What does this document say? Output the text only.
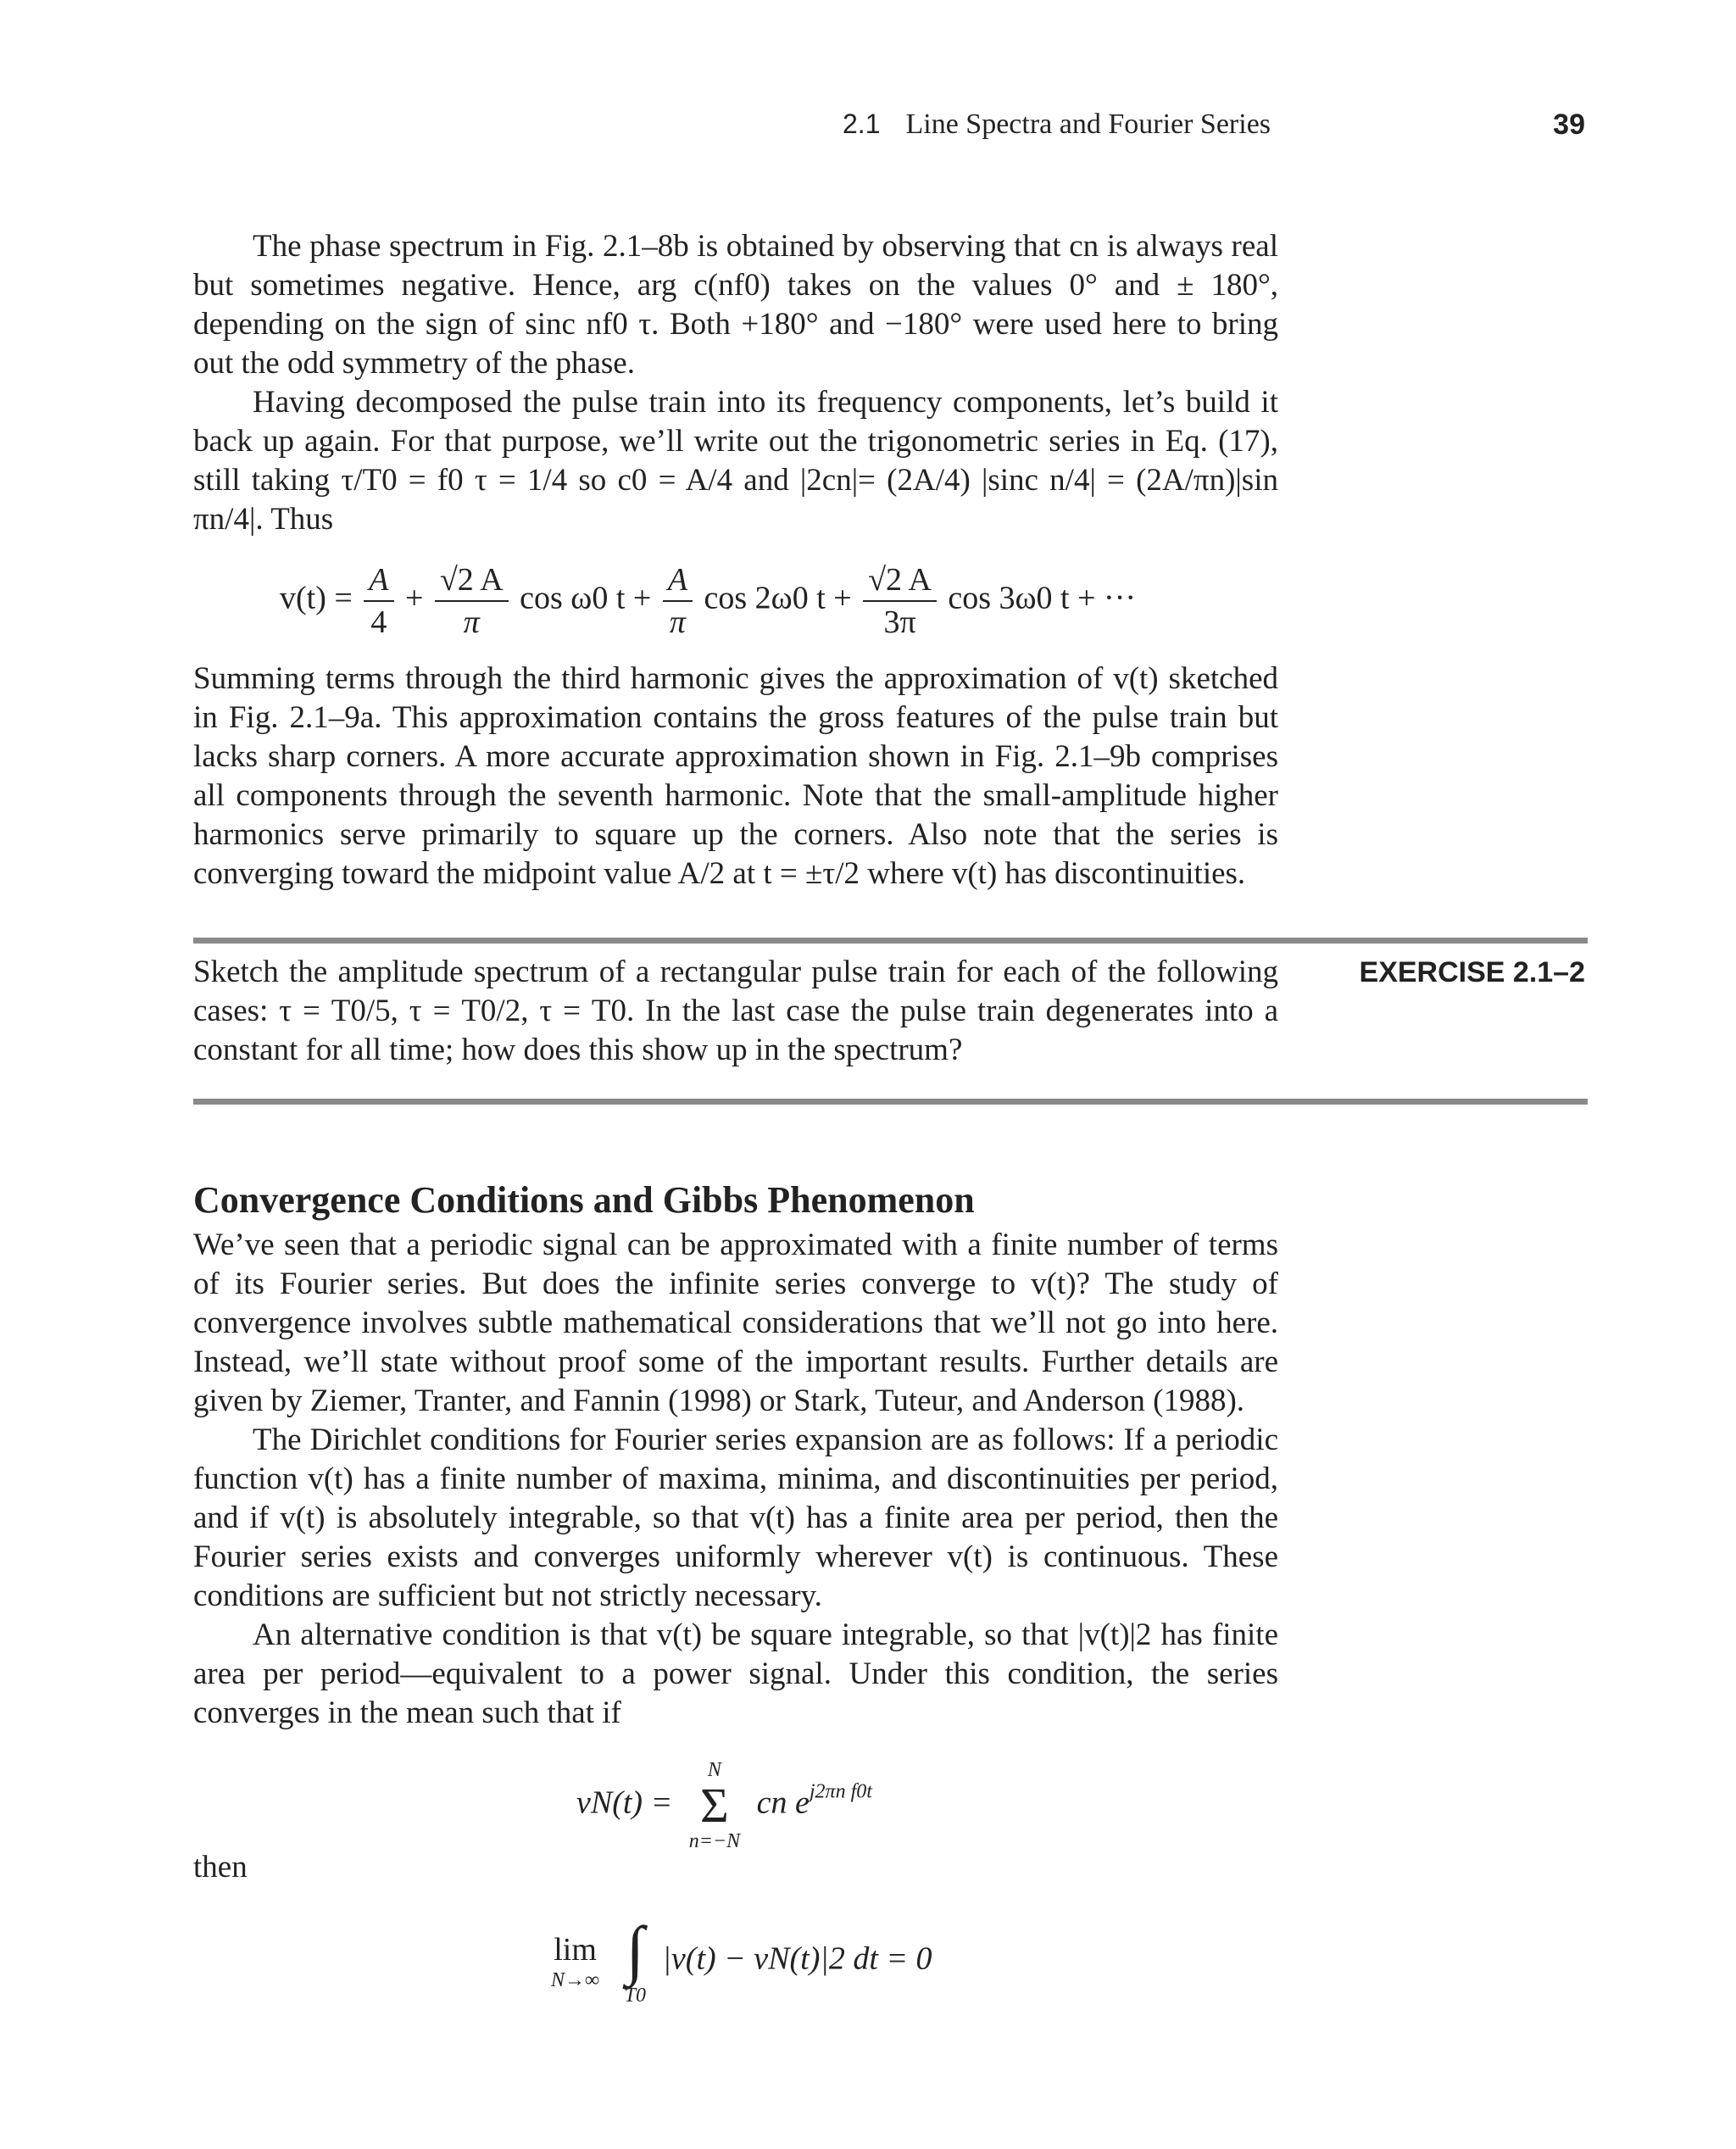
2.1 Line Spectra and Fourier Series	39

The phase spectrum in Fig. 2.1–8b is obtained by observing that cn is always real but sometimes negative. Hence, arg c(nf0) takes on the values 0° and ± 180°, depending on the sign of sinc nf0 τ. Both +180° and −180° were used here to bring out the odd symmetry of the phase.

Having decomposed the pulse train into its frequency components, let’s build it back up again. For that purpose, we’ll write out the trigonometric series in Eq. (17), still taking τ/T0 = f0 τ = 1/4 so c0 = A/4 and |2cn|= (2A/4) |sinc n/4| = (2A/πn)|sin πn/4|. Thus

$v(t) = \frac{A}{4} + \frac{√2 A}{\pi}$ cos ω0 $t + \frac{A}{\pi}$ cos 2ω0 $t + \frac{√2 A}{3\pi}$ cos 3ω0 t + ···

Summing terms through the third harmonic gives the approximation of v(t) sketched in Fig. 2.1–9a. This approximation contains the gross features of the pulse train but lacks sharp corners. A more accurate approximation shown in Fig. 2.1–9b comprises all components through the seventh harmonic. Note that the small-amplitude higher harmonics serve primarily to square up the corners. Also note that the series is converging toward the midpoint value A/2 at t = ±τ/2 where v(t) has discontinuities.

Sketch the amplitude spectrum of a rectangular pulse train for each of the following cases: τ = T0/5, τ = T0/2, τ = T0. In the last case the pulse train degenerates into a constant for all time; how does this show up in the spectrum?

EXERCISE 2.1–2
Convergence Conditions and Gibbs Phenomenon

We’ve seen that a periodic signal can be approximated with a finite number of terms of its Fourier series. But does the infinite series converge to v(t)? The study of convergence involves subtle mathematical considerations that we’ll not go into here. Instead, we’ll state without proof some of the important results. Further details are given by Ziemer, Tranter, and Fannin (1998) or Stark, Tuteur, and Anderson (1988).

The Dirichlet conditions for Fourier series expansion are as follows: If a periodic function v(t) has a finite number of maxima, minima, and discontinuities per period, and if v(t) is absolutely integrable, so that v(t) has a finite area per period, then the Fourier series exists and converges uniformly wherever v(t) is continuous. These conditions are sufficient but not strictly necessary.

An alternative condition is that v(t) be square integrable, so that |v(t)|2 has finite area per period—equivalent to a power signal. Under this condition, the series converges in the mean such that if

vN(t) =
N
Σ
n=−N
cn $e^{j2\pi n f0t}$

then

lim
N→∞
∫
T0
|v(t) − vN(t)|2 dt = 0
